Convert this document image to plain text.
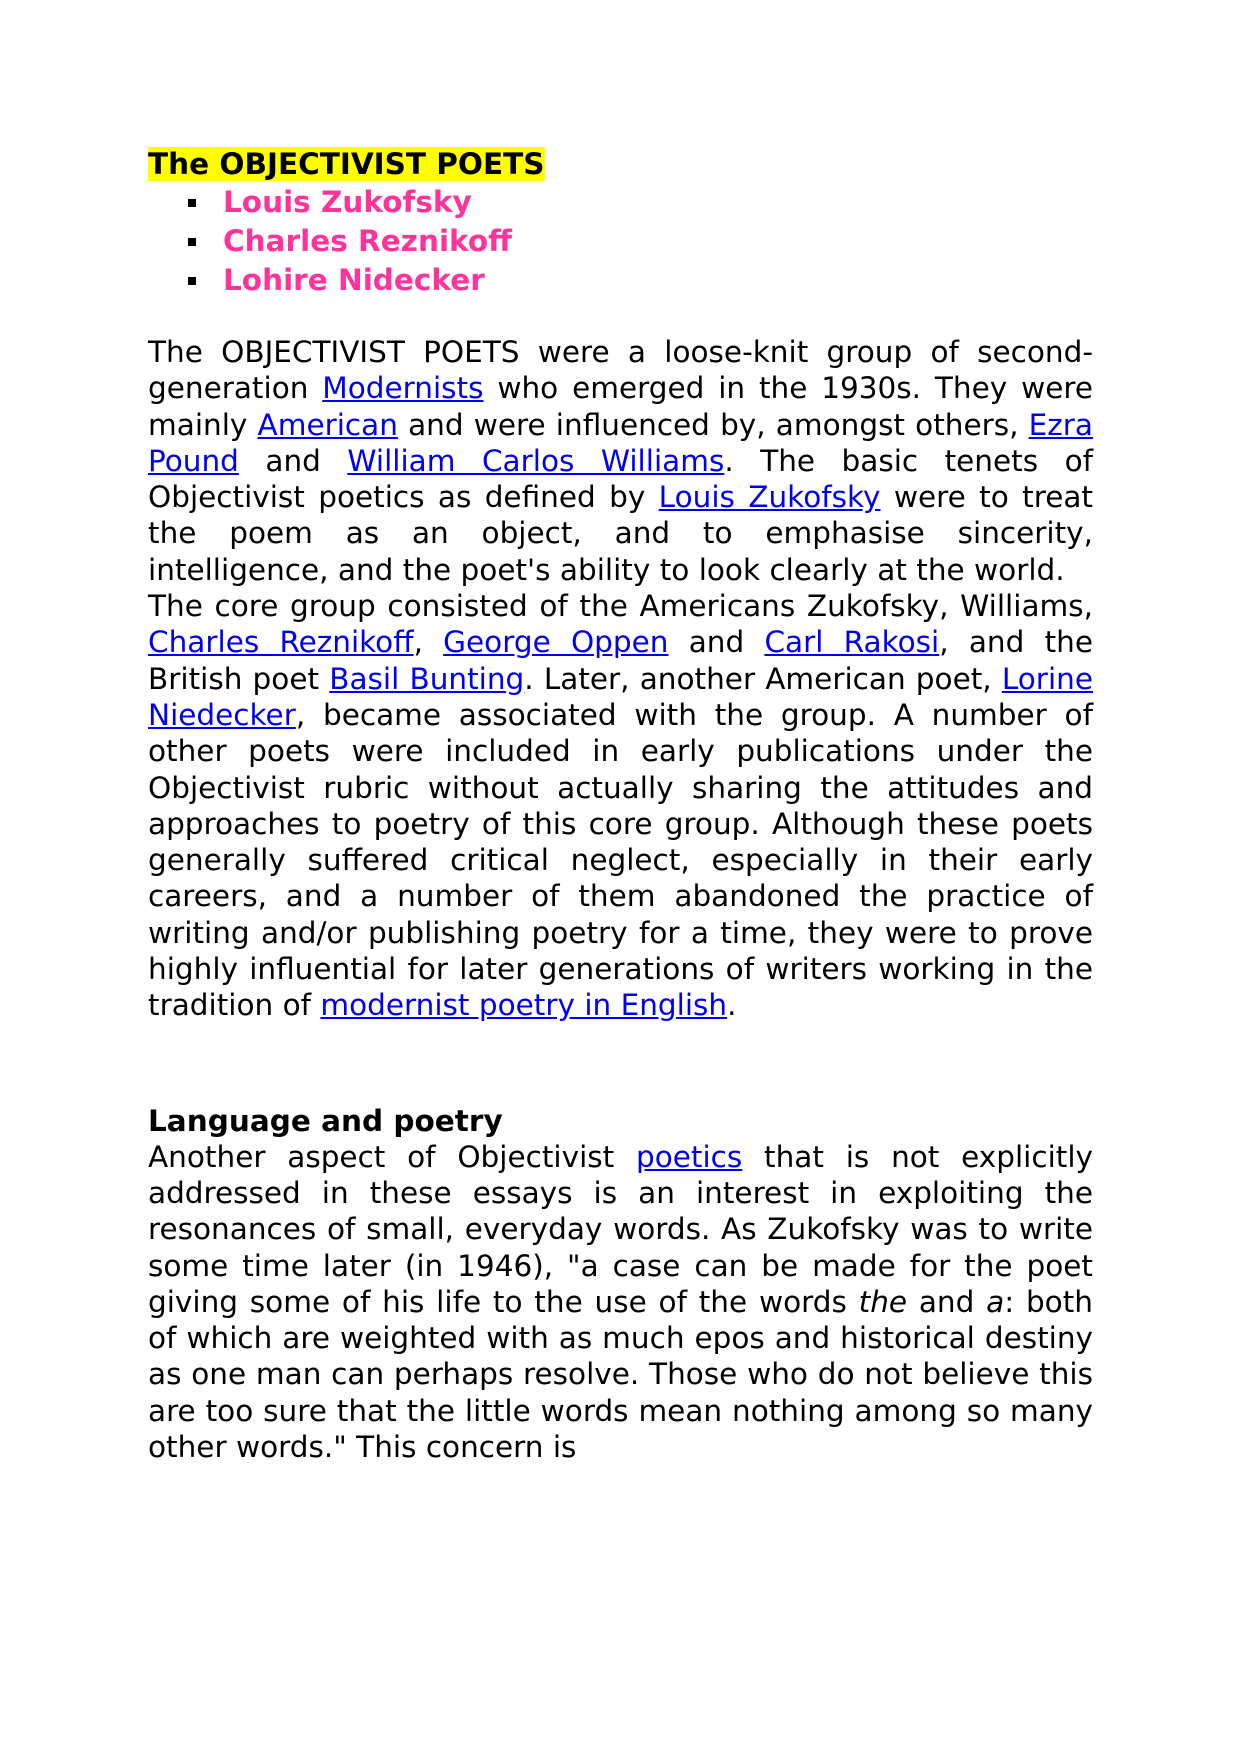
The OBJECTIVIST POETS
Louis Zukofsky
Charles Reznikoff
Lohire Nidecker

The OBJECTIVIST POETS were a loose-knit group of second-generation Modernists who emerged in the 1930s. They were mainly American and were influenced by, amongst others, Ezra Pound and William Carlos Williams. The basic tenets of Objectivist poetics as defined by Louis Zukofsky were to treat the poem as an object, and to emphasise sincerity, intelligence, and the poet's ability to look clearly at the world.

The core group consisted of the Americans Zukofsky, Williams, Charles Reznikoff, George Oppen and Carl Rakosi, and the British poet Basil Bunting. Later, another American poet, Lorine Niedecker, became associated with the group. A number of other poets were included in early publications under the Objectivist rubric without actually sharing the attitudes and approaches to poetry of this core group. Although these poets generally suffered critical neglect, especially in their early careers, and a number of them abandoned the practice of writing and/or publishing poetry for a time, they were to prove highly influential for later generations of writers working in the tradition of modernist poetry in English.

Language and poetry

Another aspect of Objectivist poetics that is not explicitly addressed in these essays is an interest in exploiting the resonances of small, everyday words. As Zukofsky was to write some time later (in 1946), "a case can be made for the poet giving some of his life to the use of the words the and a: both of which are weighted with as much epos and historical destiny as one man can perhaps resolve. Those who do not believe this are too sure that the little words mean nothing among so many other words." This concern is
